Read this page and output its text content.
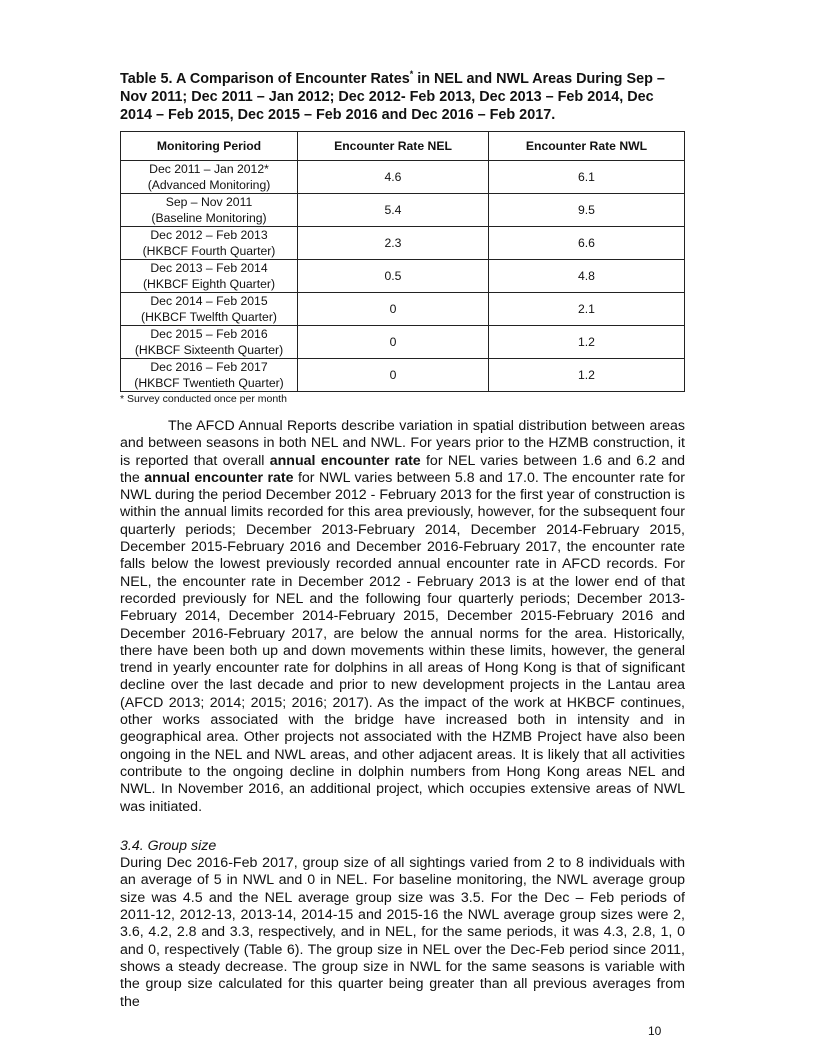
Table 5. A Comparison of Encounter Rates* in NEL and NWL Areas During Sep – Nov 2011; Dec 2011 – Jan 2012; Dec 2012- Feb 2013, Dec 2013 – Feb 2014, Dec 2014 – Feb 2015, Dec 2015 – Feb 2016 and Dec 2016 – Feb 2017.

Monitoring Period	Encounter Rate NEL	Encounter Rate NWL

Dec 2011 – Jan 2012*
(Advanced Monitoring)	4.6	6.1

Sep – Nov 2011
(Baseline Monitoring)	5.4	9.5

Dec 2012 – Feb 2013
(HKBCF Fourth Quarter)	2.3	6.6

Dec 2013 – Feb 2014
(HKBCF Eighth Quarter)	0.5	4.8

Dec 2014 – Feb 2015
(HKBCF Twelfth Quarter)	0	2.1

Dec 2015 – Feb 2016
(HKBCF Sixteenth Quarter)	0	1.2

Dec 2016 – Feb 2017
(HKBCF Twentieth Quarter)	0	1.2

* Survey conducted once per month

The AFCD Annual Reports describe variation in spatial distribution between areas and between seasons in both NEL and NWL. For years prior to the HZMB construction, it is reported that overall annual encounter rate for NEL varies between 1.6 and 6.2 and the annual encounter rate for NWL varies between 5.8 and 17.0. The encounter rate for NWL during the period December 2012 - February 2013 for the first year of construction is within the annual limits recorded for this area previously, however, for the subsequent four quarterly periods; December 2013-February 2014, December 2014-February 2015, December 2015-February 2016 and December 2016-February 2017, the encounter rate falls below the lowest previously recorded annual encounter rate in AFCD records. For NEL, the encounter rate in December 2012 - February 2013 is at the lower end of that recorded previously for NEL and the following four quarterly periods; December 2013-February 2014, December 2014-February 2015, December 2015-February 2016 and December 2016-February 2017, are below the annual norms for the area. Historically, there have been both up and down movements within these limits, however, the general trend in yearly encounter rate for dolphins in all areas of Hong Kong is that of significant decline over the last decade and prior to new development projects in the Lantau area (AFCD 2013; 2014; 2015; 2016; 2017). As the impact of the work at HKBCF continues, other works associated with the bridge have increased both in intensity and in geographical area. Other projects not associated with the HZMB Project have also been ongoing in the NEL and NWL areas, and other adjacent areas. It is likely that all activities contribute to the ongoing decline in dolphin numbers from Hong Kong areas NEL and NWL. In November 2016, an additional project, which occupies extensive areas of NWL was initiated.

3.4. Group size

During Dec 2016-Feb 2017, group size of all sightings varied from 2 to 8 individuals with an average of 5 in NWL and 0 in NEL. For baseline monitoring, the NWL average group size was 4.5 and the NEL average group size was 3.5. For the Dec – Feb periods of 2011-12, 2012-13, 2013-14, 2014-15 and 2015-16 the NWL average group sizes were 2, 3.6, 4.2, 2.8 and 3.3, respectively, and in NEL, for the same periods, it was 4.3, 2.8, 1, 0 and 0, respectively (Table 6). The group size in NEL over the Dec-Feb period since 2011, shows a steady decrease. The group size in NWL for the same seasons is variable with the group size calculated for this quarter being greater than all previous averages from the

10
